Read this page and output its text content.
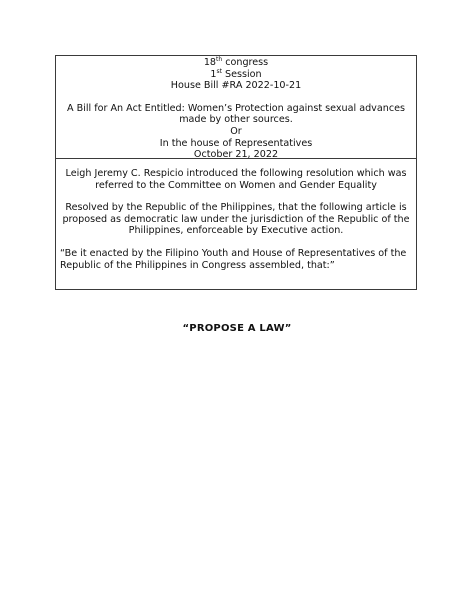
18th congress
1st Session
House Bill #RA 2022-10-21
A Bill for An Act Entitled: Women’s Protection against sexual advances
made by other sources.
Or
In the house of Representatives
October 21, 2022
Leigh Jeremy C. Respicio introduced the following resolution which was
referred to the Committee on Women and Gender Equality
Resolved by the Republic of the Philippines, that the following article is
proposed as democratic law under the jurisdiction of the Republic of the
Philippines, enforceable by Executive action.
“Be it enacted by the Filipino Youth and House of Representatives of the
Republic of the Philippines in Congress assembled, that:”
“PROPOSE A LAW”
